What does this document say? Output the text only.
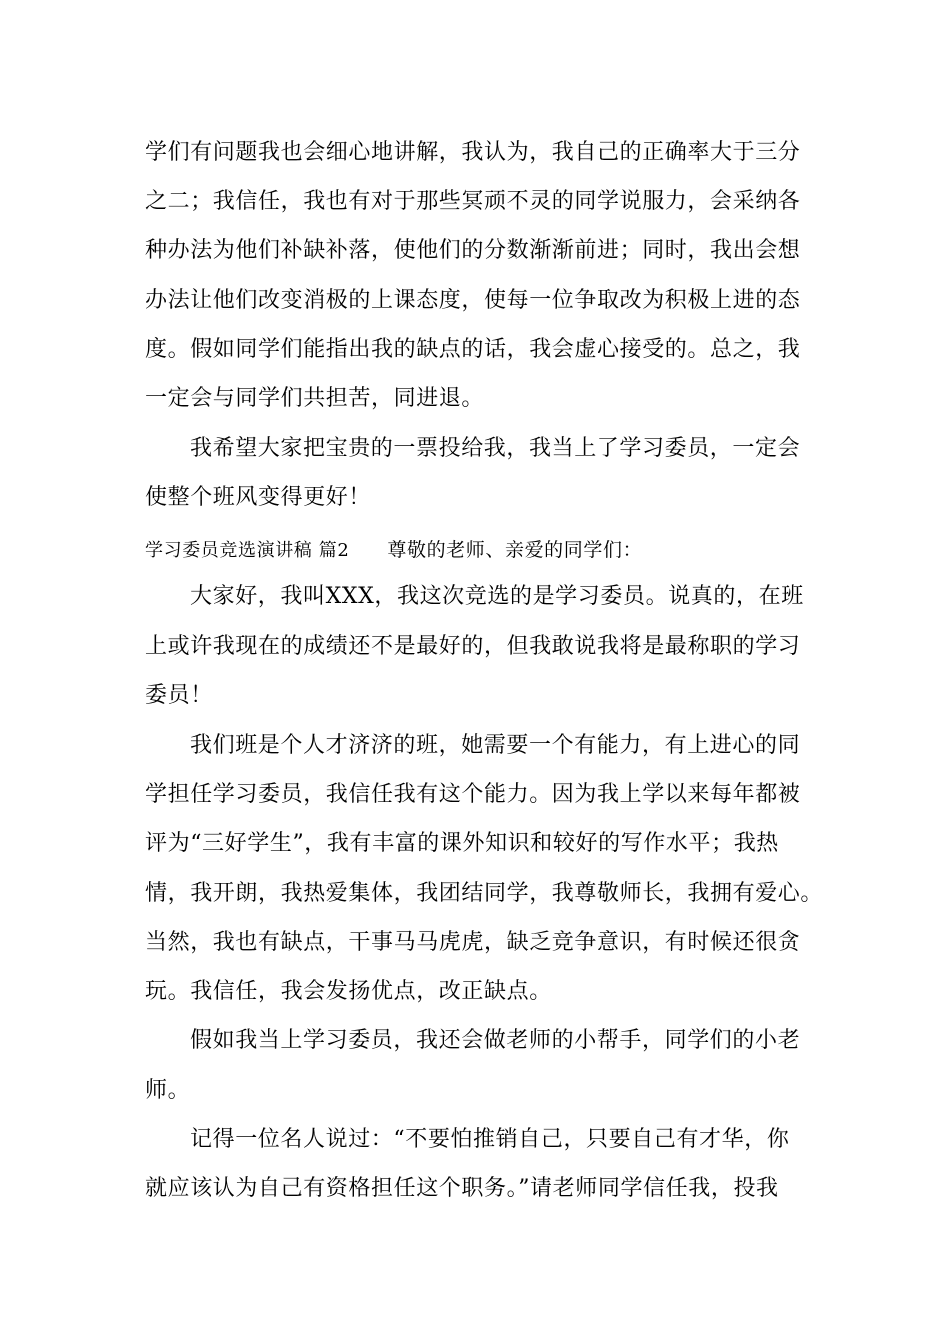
学们有问题我也会细心地讲解，我认为，我自己的正确率大于三分
之二；我信任，我也有对于那些冥顽不灵的同学说服力，会采纳各
种办法为他们补缺补落，使他们的分数渐渐前进；同时，我出会想
办法让他们改变消极的上课态度，使每一位争取改为积极上进的态
度。假如同学们能指出我的缺点的话，我会虚心接受的。总之，我
一定会与同学们共担苦，同进退。
我希望大家把宝贵的一票投给我，我当上了学习委员，一定会
使整个班风变得更好！
学习委员竞选演讲稿 篇2 尊敬的老师、亲爱的同学们：
大家好，我叫XXX，我这次竞选的是学习委员。说真的，在班
上或许我现在的成绩还不是最好的，但我敢说我将是最称职的学习
委员！
我们班是个人才济济的班，她需要一个有能力，有上进心的同
学担任学习委员，我信任我有这个能力。因为我上学以来每年都被
评为“三好学生”，我有丰富的课外知识和较好的写作水平；我热
情，我开朗，我热爱集体，我团结同学，我尊敬师长，我拥有爱心。
当然，我也有缺点，干事马马虎虎，缺乏竞争意识，有时候还很贪
玩。我信任，我会发扬优点，改正缺点。
假如我当上学习委员，我还会做老师的小帮手，同学们的小老
师。
记得一位名人说过：“不要怕推销自己，只要自己有才华，你
就应该认为自己有资格担任这个职务。”请老师同学信任我，投我
